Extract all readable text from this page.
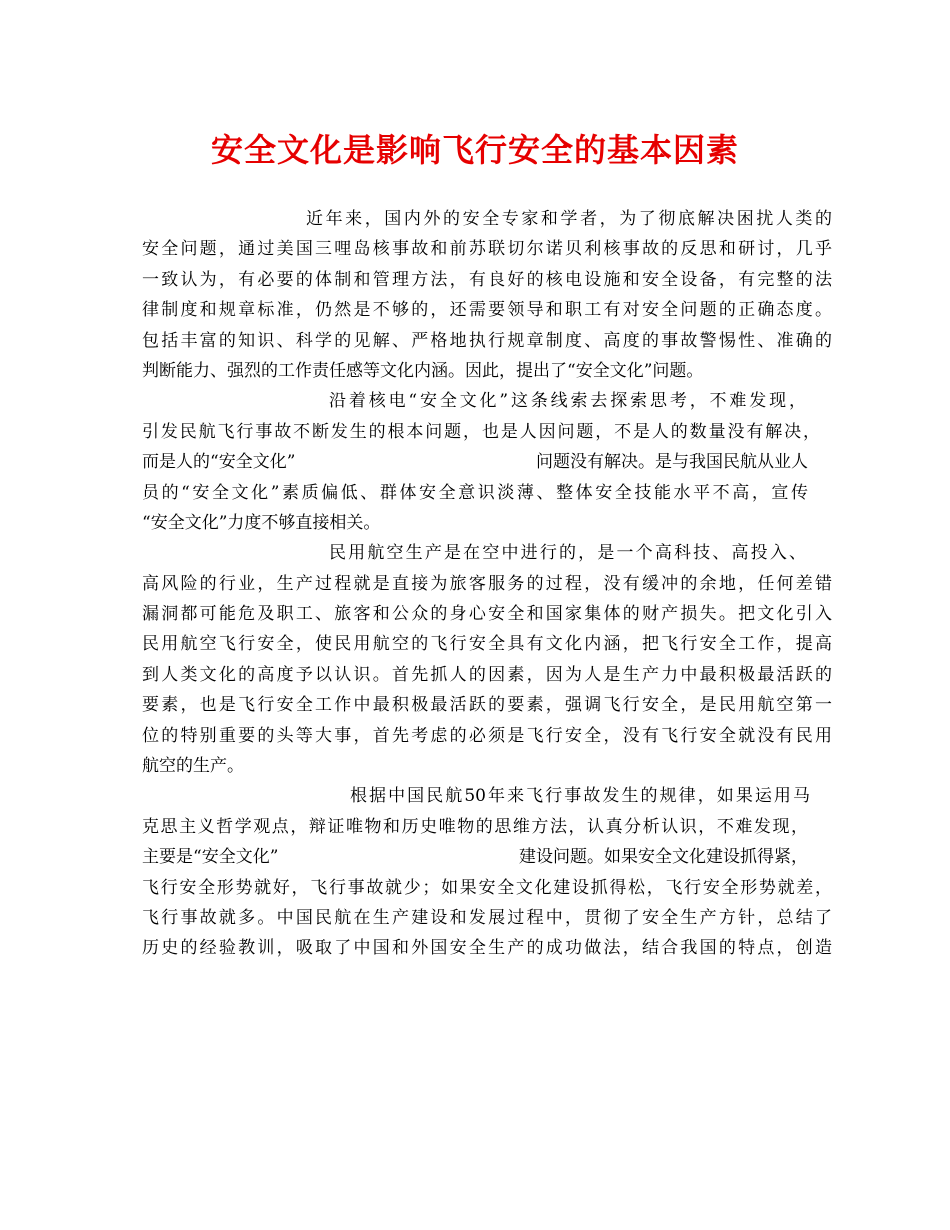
安全文化是影响飞行安全的基本因素
近年来，国内外的安全专家和学者，为了彻底解决困扰人类的
安全问题，通过美国三哩岛核事故和前苏联切尔诺贝利核事故的反思和研讨，几乎
一致认为，有必要的体制和管理方法，有良好的核电设施和安全设备，有完整的法
律制度和规章标准，仍然是不够的，还需要领导和职工有对安全问题的正确态度。
包括丰富的知识、科学的见解、严格地执行规章制度、高度的事故警惕性、准确的
判断能力、强烈的工作责任感等文化内涵。因此，提出了“安全文化”问题。
沿着核电“安全文化”这条线索去探索思考，不难发现，
引发民航飞行事故不断发生的根本问题，也是人因问题，不是人的数量没有解决，
而是人的“安全文化”	问题没有解决。是与我国民航从业人
员的“安全文化”素质偏低、群体安全意识淡薄、整体安全技能水平不高，宣传
“安全文化”力度不够直接相关。
民用航空生产是在空中进行的，是一个高科技、高投入、
高风险的行业，生产过程就是直接为旅客服务的过程，没有缓冲的余地，任何差错
漏洞都可能危及职工、旅客和公众的身心安全和国家集体的财产损失。把文化引入
民用航空飞行安全，使民用航空的飞行安全具有文化内涵，把飞行安全工作，提高
到人类文化的高度予以认识。首先抓人的因素，因为人是生产力中最积极最活跃的
要素，也是飞行安全工作中最积极最活跃的要素，强调飞行安全，是民用航空第一
位的特别重要的头等大事，首先考虑的必须是飞行安全，没有飞行安全就没有民用
航空的生产。
根据中国民航50年来飞行事故发生的规律，如果运用马
克思主义哲学观点，辩证唯物和历史唯物的思维方法，认真分析认识，不难发现，
主要是“安全文化”	建设问题。如果安全文化建设抓得紧，
飞行安全形势就好，飞行事故就少；如果安全文化建设抓得松，飞行安全形势就差，
飞行事故就多。中国民航在生产建设和发展过程中，贯彻了安全生产方针，总结了
历史的经验教训，吸取了中国和外国安全生产的成功做法，结合我国的特点，创造
